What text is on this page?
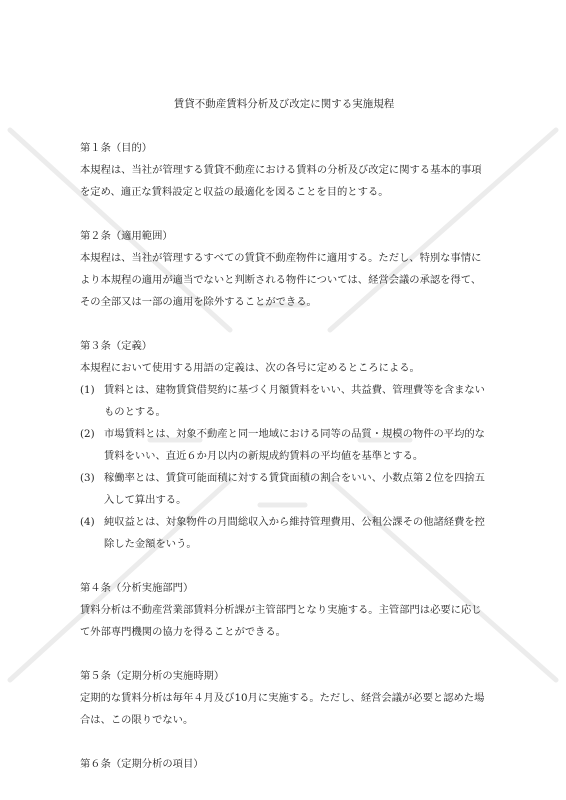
賃貸不動産賃料分析及び改定に関する実施規程

第１条（目的）

本規程は、当社が管理する賃貸不動産における賃料の分析及び改定に関する基本的事項を定め、適正な賃料設定と収益の最適化を図ることを目的とする。

第２条（適用範囲）

本規程は、当社が管理するすべての賃貸不動産物件に適用する。ただし、特別な事情により本規程の適用が適当でないと判断される物件については、経営会議の承認を得て、その全部又は一部の適用を除外することができる。

第３条（定義）

本規程において使用する用語の定義は、次の各号に定めるところによる。

(1) 賃料とは、建物賃貸借契約に基づく月額賃料をいい、共益費、管理費等を含まないものとする。
(2) 市場賃料とは、対象不動産と同一地域における同等の品質・規模の物件の平均的な賃料をいい、直近６か月以内の新規成約賃料の平均値を基準とする。
(3) 稼働率とは、賃貸可能面積に対する賃貸面積の割合をいい、小数点第２位を四捨五入して算出する。
(4) 純収益とは、対象物件の月間総収入から維持管理費用、公租公課その他諸経費を控除した金額をいう。

第４条（分析実施部門）

賃料分析は不動産営業部賃料分析課が主管部門となり実施する。主管部門は必要に応じて外部専門機関の協力を得ることができる。

第５条（定期分析の実施時期）

定期的な賃料分析は毎年４月及び10月に実施する。ただし、経営会議が必要と認めた場合は、この限りでない。

第６条（定期分析の項目）
